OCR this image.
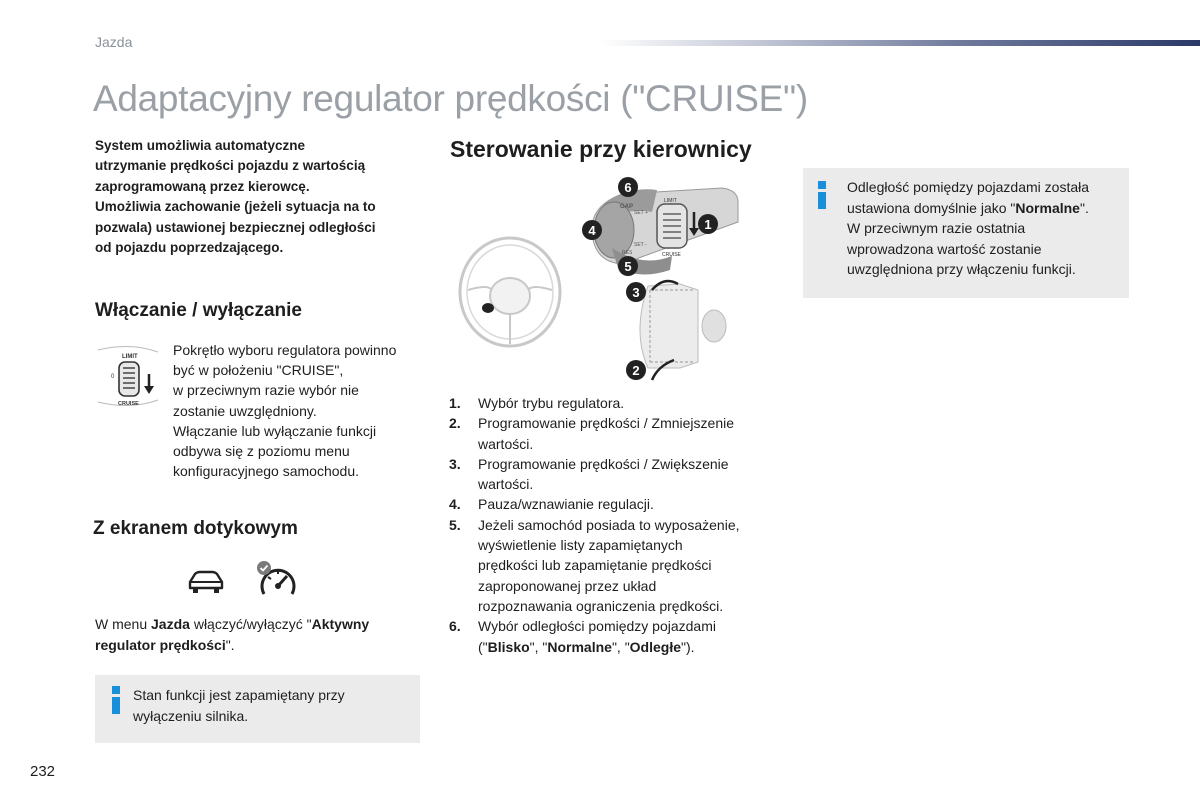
Jazda
Adaptacyjny regulator prędkości ("CRUISE")

System umożliwia automatyczne

utrzymanie prędkości pojazdu z wartością

zaprogramowaną przez kierowcę.

Umożliwia zachowanie (jeżeli sytuacja na to

pozwala) ustawionej bezpiecznej odległości

od pojazdu poprzedzającego.

Włączanie / wyłączanie
LIMIT
0
CRUISE

Pokrętło wyboru regulatora powinno

być w położeniu "CRUISE",

w przeciwnym razie wybór nie

zostanie uwzględniony.

Włączanie lub wyłączanie funkcji

odbywa się z poziomu menu

konfiguracyjnego samochodu.

Z ekranem dotykowym
W menu Jazda włączyć/wyłączyć "Aktywny
regulator prędkości".
Stan funkcji jest zapamiętany przy
wyłączeniu silnika.
Sterowanie przy kierownicy
GAP
SET +
SET -
RES
LIMIT
CRUISE
1
2
3
4
5
6
1. Wybór trybu regulatora.
2. Programowanie prędkości / Zmniejszenie
wartości.
3. Programowanie prędkości / Zwiększenie
wartości.
4. Pauza/wznawianie regulacji.
5. Jeżeli samochód posiada to wyposażenie,
wyświetlenie listy zapamiętanych
prędkości lub zapamiętanie prędkości
zaproponowanej przez układ
rozpoznawania ograniczenia prędkości.
6. Wybór odległości pomiędzy pojazdami
("Blisko", "Normalne", "Odległe").
Odległość pomiędzy pojazdami została
ustawiona domyślnie jako "Normalne".
W przeciwnym razie ostatnia
wprowadzona wartość zostanie
uwzględniona przy włączeniu funkcji.
232
